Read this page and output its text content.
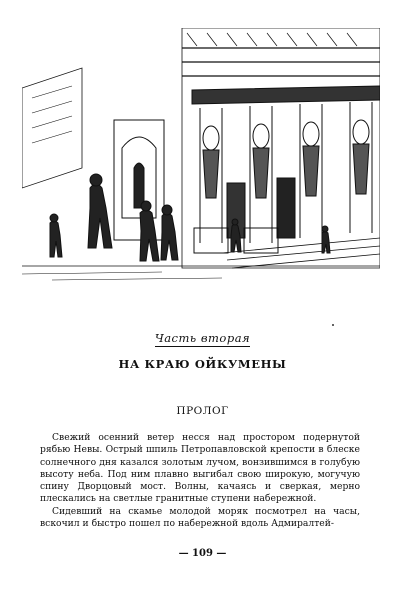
Часть вторая
НА КРАЮ ОЙКУМЕНЫ
ПРОЛОГ

Свежий осенний ветер несся над простором подернутой рябью Невы. Острый шпиль Петропавловской крепости в блеске солнечного дня казался золотым лучом, вонзившимся в голубую высоту неба. Под ним плавно выгибал свою широкую, могучую спину Дворцовый мост. Волны, качаясь и сверкая, мерно плескались на светлые гранитные ступени набережной.

Сидевший на скамье молодой моряк посмотрел на часы, вскочил и быстро пошел по набережной вдоль Адмиралтей-

— 109 —
